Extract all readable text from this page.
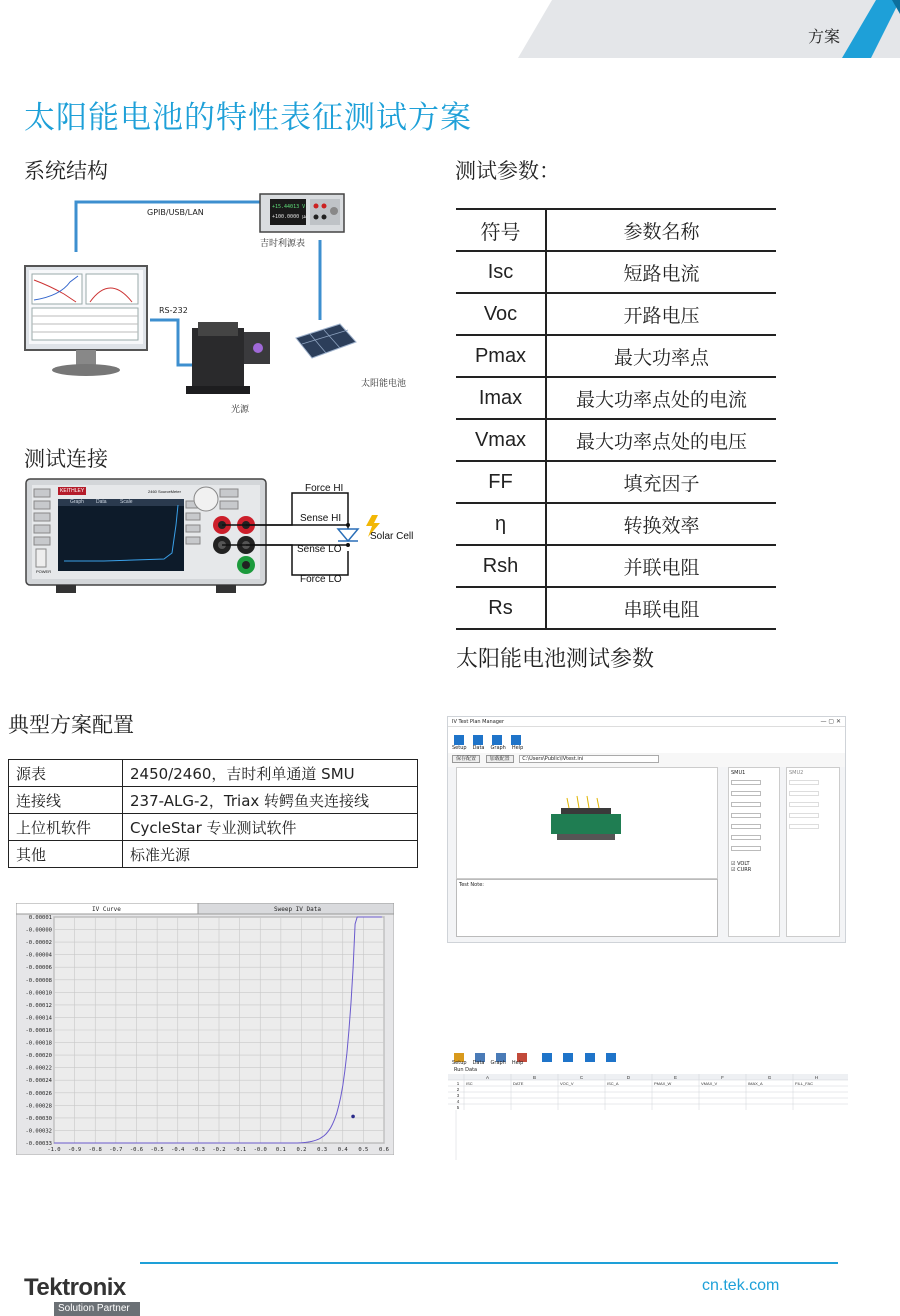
方案
太阳能电池的特性表征测试方案
系统结构	测试参数：
测试连接
典型方案配置
GPIB/USB/LAN
RS-232
吉时利源表
光源
太阳能电池
+15.44013 V
+100.0000 μA
Force HI
Sense HI
Sense LO
Force LO
Solar Cell
KEITHLEY	2460 SourceMeter
POWER
Graph Data	Scale
符号	参数名称
Isc	短路电流
Voc	开路电压
Pmax	最大功率点
Imax	最大功率点处的电流
Vmax	最大功率点处的电压
FF	填充因子
η	转换效率
Rsh	并联电阻
Rs	串联电阻
太阳能电池测试参数
源表	2450/2460，吉时利单通道 SMU
连接线	237-ALG-2，Triax 转鳄鱼夹连接线
上位机软件	CycleStar 专业测试软件
其他	标准光源
IV Curve	Sweep IV Data
-1.0 -0.9 -0.8 -0.7 -0.6 -0.5 -0.4 -0.3 -0.2 -0.1 -0.0 0.1 0.2 0.3 0.4 0.5 0.6
0.00001
-0.00000
-0.00002
-0.00004
-0.00006
-0.00008
-0.00010
-0.00012
-0.00014
-0.00016
-0.00018
-0.00020
-0.00022
-0.00024
-0.00026
-0.00028
-0.00030
-0.00032
-0.00033
IV Test Plan Manager	— ▢ ✕

Setup Data Graph Help
保存配置	加载配置	C:\Users\Public\IVtest.ini
Test Note:
SMU1
☑ VOLT
☑ CURR
SMU2

Setup Data Graph Help
Run Data
A	B	C	D	E	F	G	H
1
2
3
4
5
ISC	DATE	VOC_V	ISC_A	PMAX_W	VMAX_V	IMAX_A	FILL_FAC
Tektronix
Solution Partner
cn.tek.com
